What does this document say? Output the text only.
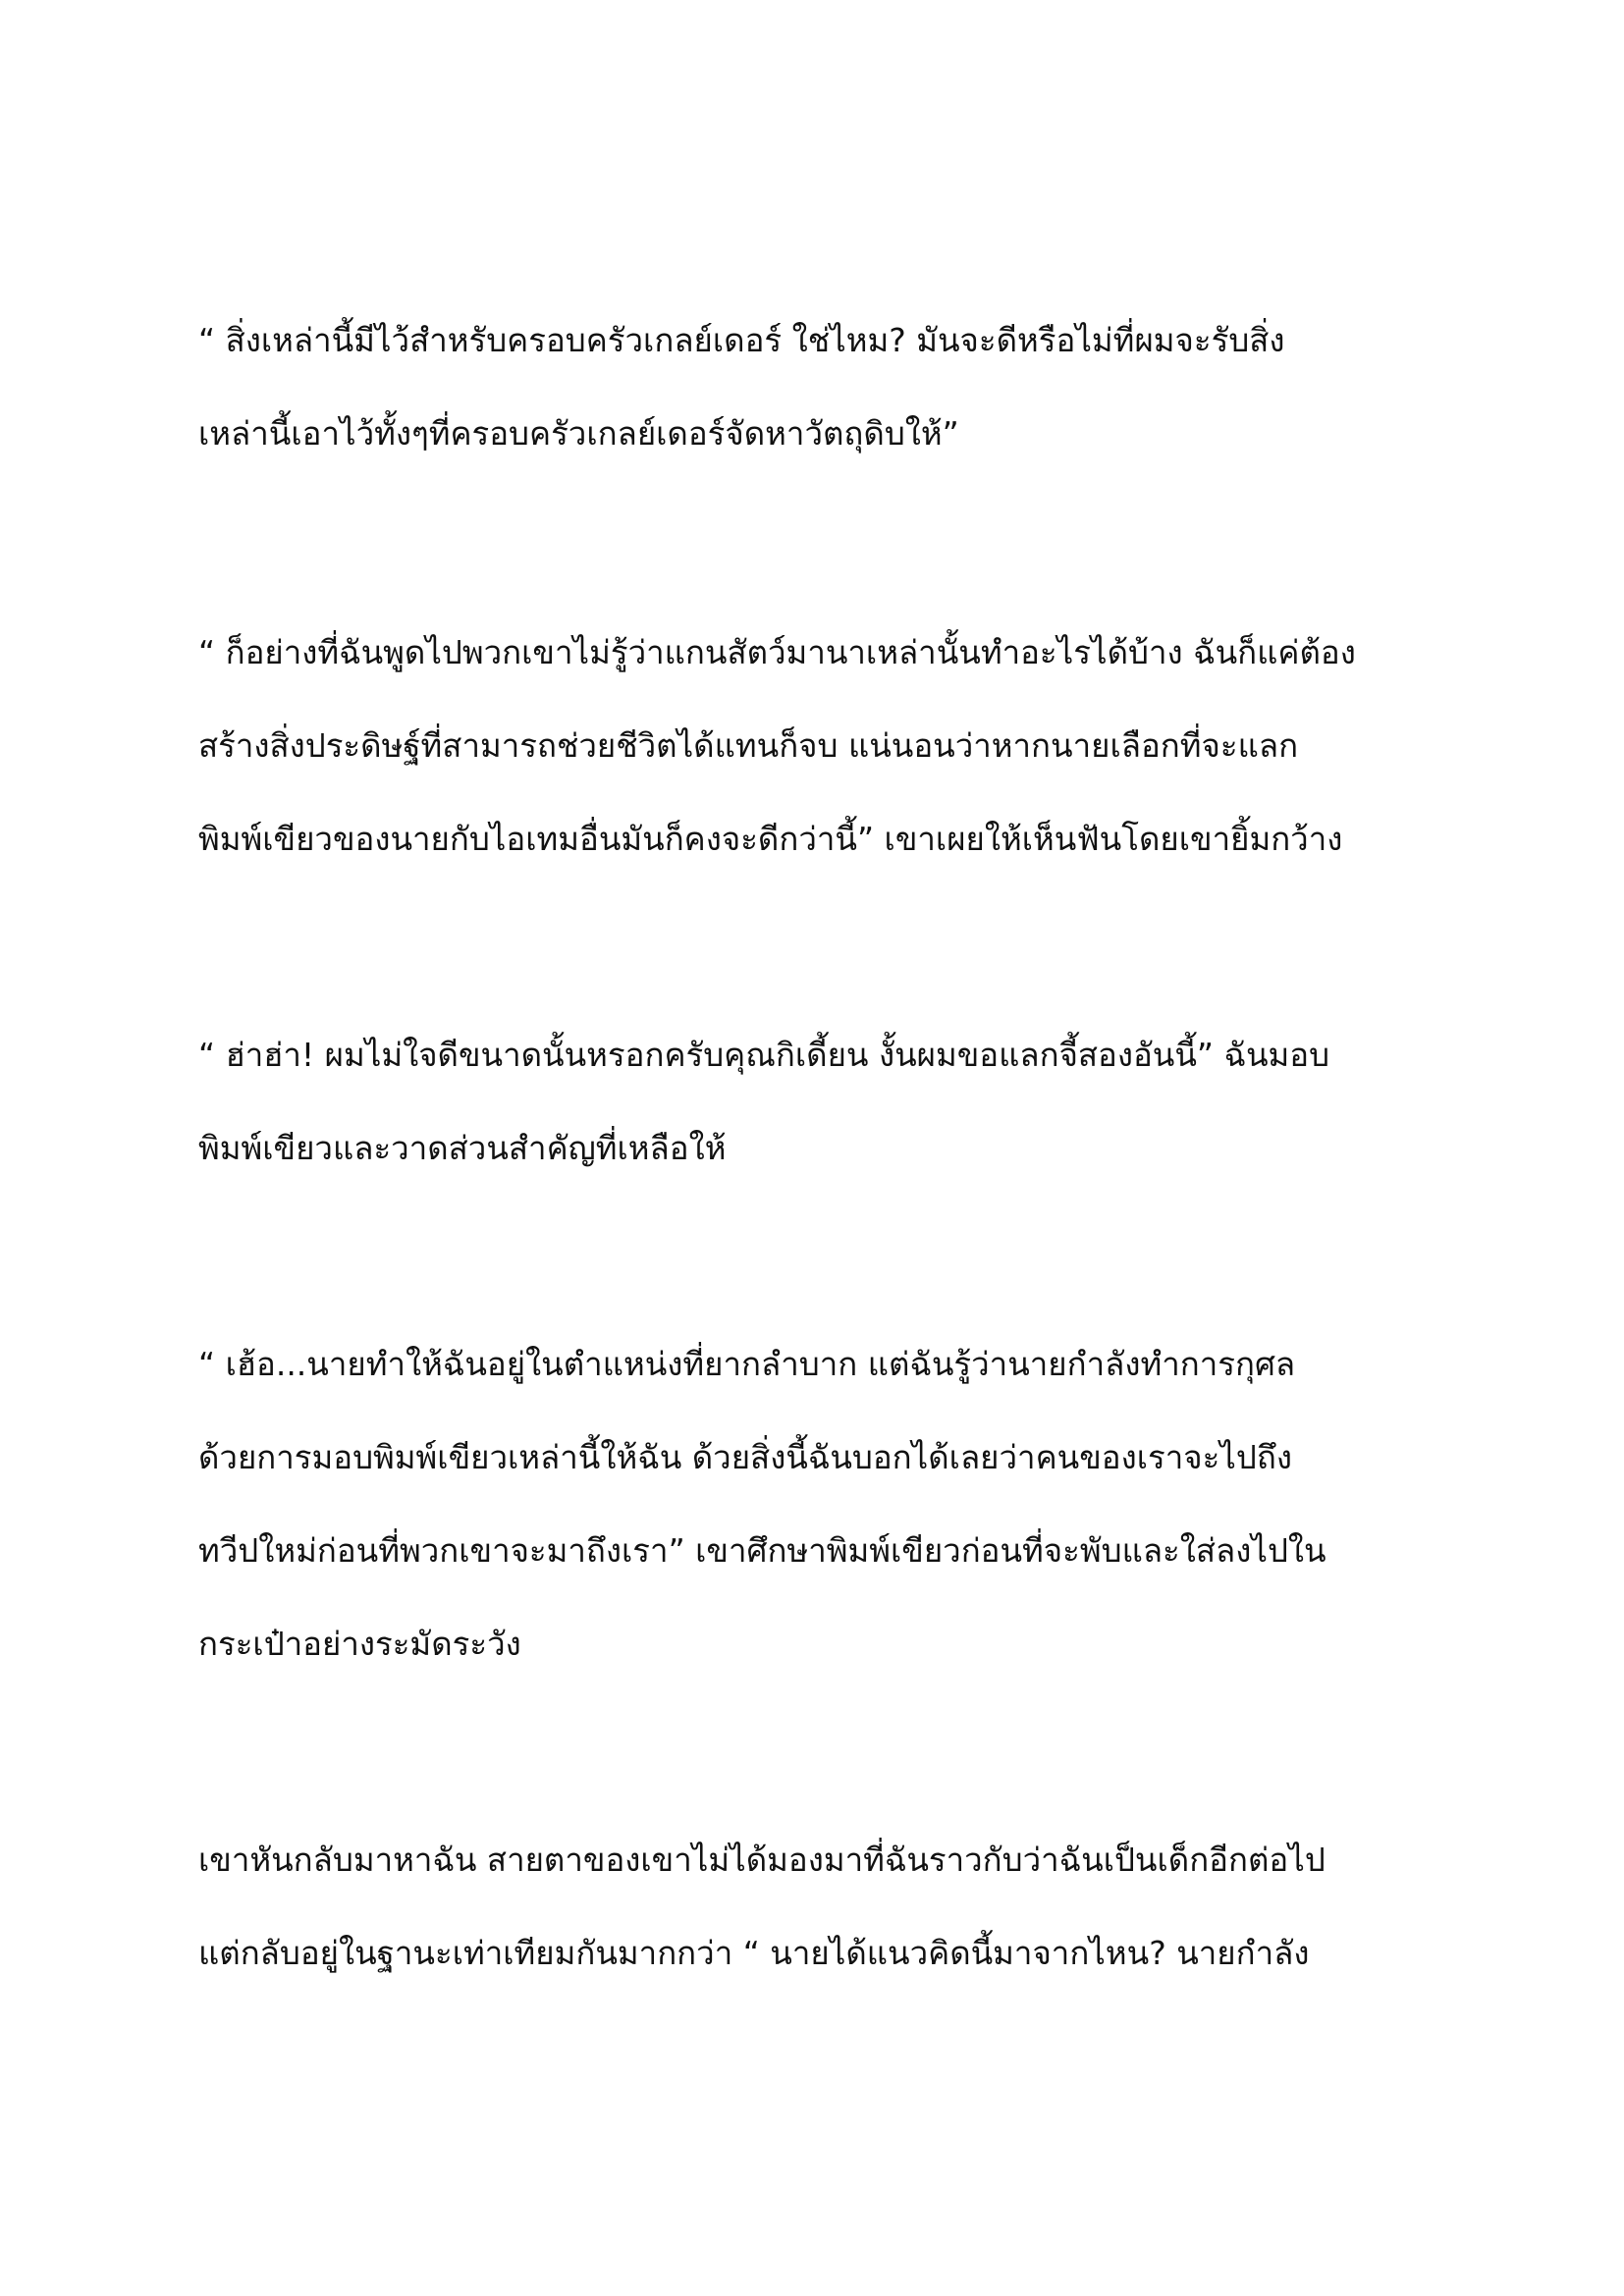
“ สิ่งเหล่านี้มีไว้สำหรับครอบครัวเกลย์เดอร์ ใช่ไหม? มันจะดีหรือไม่ที่ผมจะรับสิ่ง
เหล่านี้เอาไว้ทั้งๆที่ครอบครัวเกลย์เดอร์จัดหาวัตถุดิบให้”
“ ก็อย่างที่ฉันพูดไปพวกเขาไม่รู้ว่าแกนสัตว์มานาเหล่านั้นทำอะไรได้บ้าง ฉันก็แค่ต้อง
สร้างสิ่งประดิษฐ์ที่สามารถช่วยชีวิตได้แทนก็จบ แน่นอนว่าหากนายเลือกที่จะแลก
พิมพ์เขียวของนายกับไอเทมอื่นมันก็คงจะดีกว่านี้” เขาเผยให้เห็นฟันโดยเขายิ้มกว้าง
“ ฮ่าฮ่า! ผมไม่ใจดีขนาดนั้นหรอกครับคุณกิเดี้ยน งั้นผมขอแลกจี้สองอันนี้” ฉันมอบ
พิมพ์เขียวและวาดส่วนสำคัญที่เหลือให้
“ เฮ้อ...นายทำให้ฉันอยู่ในตำแหน่งที่ยากลำบาก แต่ฉันรู้ว่านายกำลังทำการกุศล
ด้วยการมอบพิมพ์เขียวเหล่านี้ให้ฉัน ด้วยสิ่งนี้ฉันบอกได้เลยว่าคนของเราจะไปถึง
ทวีปใหม่ก่อนที่พวกเขาจะมาถึงเรา” เขาศึกษาพิมพ์เขียวก่อนที่จะพับและใส่ลงไปใน
กระเป๋าอย่างระมัดระวัง
เขาหันกลับมาหาฉัน สายตาของเขาไม่ได้มองมาที่ฉันราวกับว่าฉันเป็นเด็กอีกต่อไป
แต่กลับอยู่ในฐานะเท่าเทียมกันมากกว่า “ นายได้แนวคิดนี้มาจากไหน? นายกำลัง
